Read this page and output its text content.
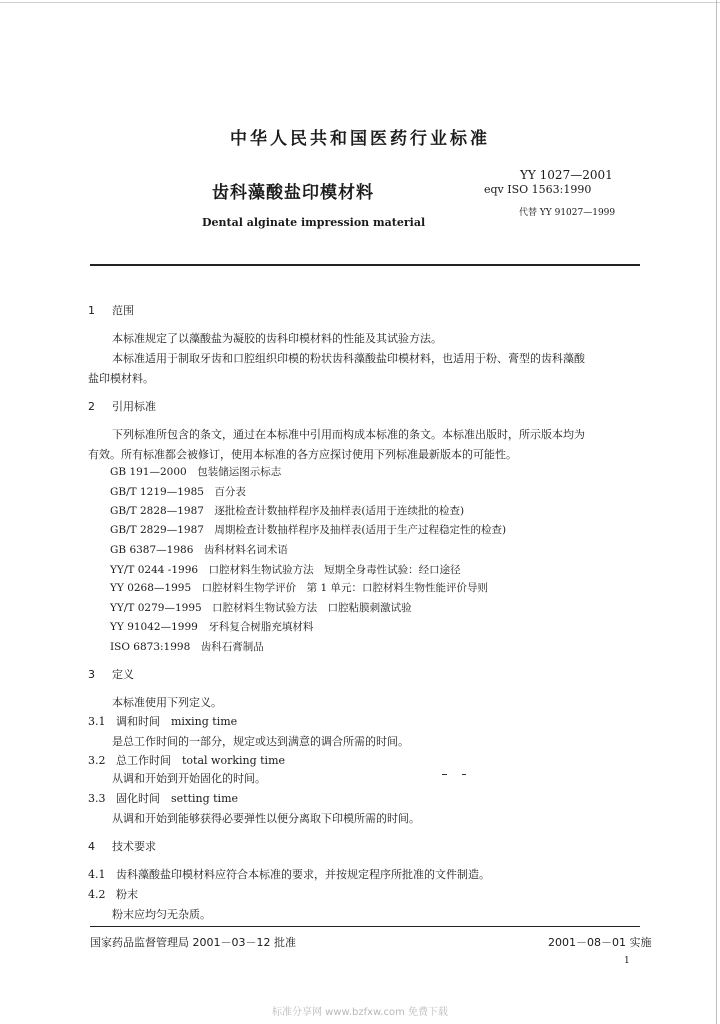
中华人民共和国医药行业标准
齿科藻酸盐印模材料
Dental alginate impression material
YY 1027—2001
eqv ISO 1563:1990
代替 YY 91027—1999
1 范围
本标准规定了以藻酸盐为凝胶的齿科印模材料的性能及其试验方法。
本标准适用于制取牙齿和口腔组织印模的粉状齿科藻酸盐印模材料，也适用于粉、膏型的齿科藻酸
盐印模材料。
2 引用标准
下列标准所包含的条文，通过在本标准中引用而构成本标准的条文。本标准出版时，所示版本均为
有效。所有标准都会被修订，使用本标准的各方应探讨使用下列标准最新版本的可能性。
GB 191—2000　包装储运图示标志
GB/T 1219—1985　百分表
GB/T 2828—1987　逐批检查计数抽样程序及抽样表(适用于连续批的检查)
GB/T 2829—1987　周期检查计数抽样程序及抽样表(适用于生产过程稳定性的检查)
GB 6387—1986　齿科材料名词术语
YY/T 0244 -1996　口腔材料生物试验方法　短期全身毒性试验：经口途径
YY 0268—1995　口腔材料生物学评价　第 1 单元：口腔材料生物性能评价导则
YY/T 0279—1995　口腔材料生物试验方法　口腔粘膜刺激试验
YY 91042—1999　牙科复合树脂充填材料
ISO 6873:1998　齿科石膏制品
3 定义
本标准使用下列定义。
3.1 调和时间　mixing time
是总工作时间的一部分，规定或达到满意的调合所需的时间。
3.2 总工作时间　total working time
从调和开始到开始固化的时间。
3.3 固化时间　setting time
从调和开始到能够获得必要弹性以便分离取下印模所需的时间。
4 技术要求
4.1 齿科藻酸盐印模材料应符合本标准的要求，并按规定程序所批准的文件制造。
4.2 粉末
粉末应均匀无杂质。
国家药品监督管理局 2001－03－12 批准	2001－08－01 实施
1
标准分享网 www.bzfxw.com 免费下载
